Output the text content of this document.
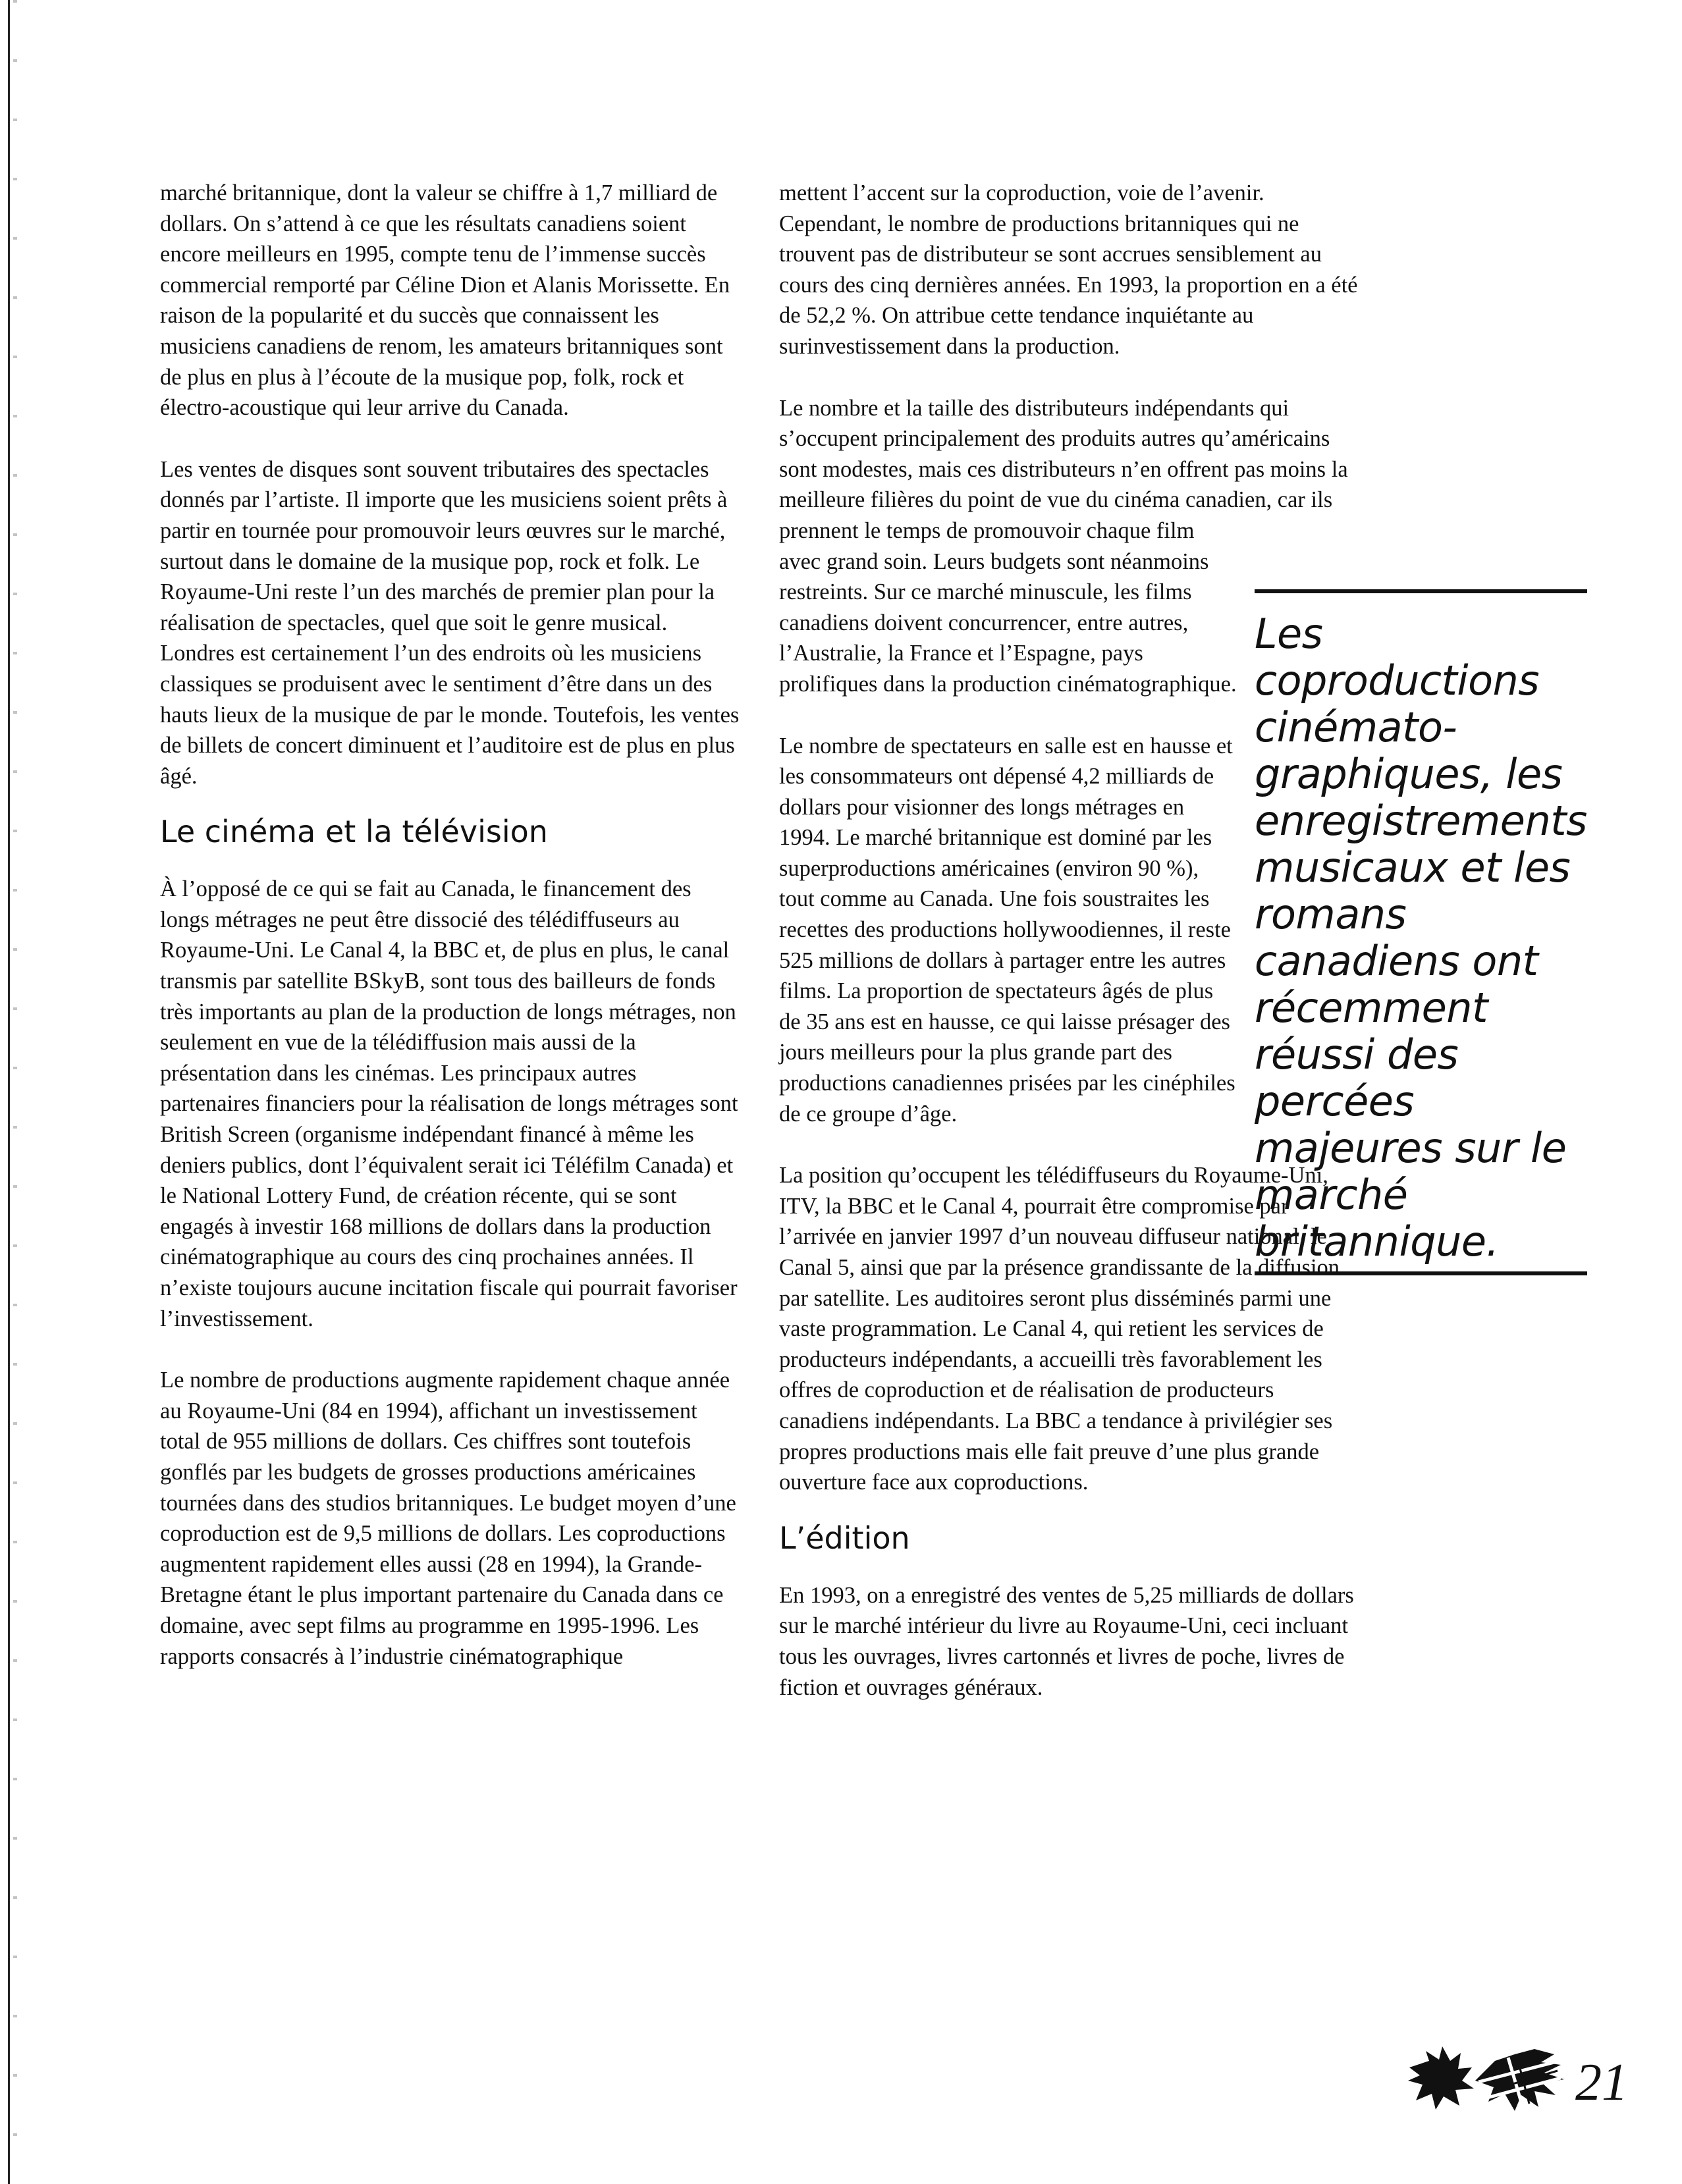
marché britannique, dont la valeur se chiffre à 1,7 milliard de dollars. On s’attend à ce que les résultats canadiens soient encore meilleurs en 1995, compte tenu de l’immense succès commercial remporté par Céline Dion et Alanis Morissette. En raison de la popularité et du succès que connaissent les musiciens canadiens de renom, les amateurs britanniques sont de plus en plus à l’écoute de la musique pop, folk, rock et électro-acoustique qui leur arrive du Canada.

Les ventes de disques sont souvent tributaires des spectacles donnés par l’artiste. Il importe que les musiciens soient prêts à partir en tournée pour promouvoir leurs œuvres sur le marché, surtout dans le domaine de la musique pop, rock et folk. Le Royaume-Uni reste l’un des marchés de premier plan pour la réalisation de spectacles, quel que soit le genre musical. Londres est certainement l’un des endroits où les musiciens classiques se produisent avec le sentiment d’être dans un des hauts lieux de la musique de par le monde. Toutefois, les ventes de billets de concert diminuent et l’auditoire est de plus en plus âgé.

Le cinéma et la télévision

À l’opposé de ce qui se fait au Canada, le financement des longs métrages ne peut être dissocié des télédiffuseurs au Royaume-Uni. Le Canal 4, la BBC et, de plus en plus, le canal transmis par satellite BSkyB, sont tous des bailleurs de fonds très importants au plan de la production de longs métrages, non seulement en vue de la télédiffusion mais aussi de la présentation dans les cinémas. Les principaux autres partenaires financiers pour la réalisation de longs métrages sont British Screen (organisme indépendant financé à même les deniers publics, dont l’équivalent serait ici Téléfilm Canada) et le National Lottery Fund, de création récente, qui se sont engagés à investir 168 millions de dollars dans la production cinématographique au cours des cinq prochaines années. Il n’existe toujours aucune incitation fiscale qui pourrait favoriser l’investissement.

Le nombre de productions augmente rapidement chaque année au Royaume-Uni (84 en 1994), affichant un investissement total de 955 millions de dollars. Ces chiffres sont toutefois gonflés par les budgets de grosses productions américaines tournées dans des studios britanniques. Le budget moyen d’une coproduction est de 9,5 millions de dollars. Les coproductions augmentent rapidement elles aussi (28 en 1994), la Grande-Bretagne étant le plus important partenaire du Canada dans ce domaine, avec sept films au programme en 1995-1996. Les rapports consacrés à l’industrie cinématographique

mettent l’accent sur la coproduction, voie de l’avenir. Cependant, le nombre de productions britanniques qui ne trouvent pas de distributeur se sont accrues sensiblement au cours des cinq dernières années. En 1993, la proportion en a été de 52,2 %. On attribue cette tendance inquiétante au surinvestissement dans la production.

Le nombre et la taille des distributeurs indépendants qui s’occupent principalement des produits autres qu’américains sont modestes, mais ces distributeurs n’en offrent pas moins la meilleure filières du point de vue du cinéma canadien, car ils
prennent le temps de promouvoir chaque film avec grand soin. Leurs budgets sont néanmoins restreints. Sur ce marché minuscule, les films canadiens doivent concurrencer, entre autres, l’Australie, la France et l’Espagne, pays prolifiques dans la production cinématographique.

Le nombre de spectateurs en salle est en hausse et les consommateurs ont dépensé 4,2 milliards de dollars pour visionner des longs métrages en 1994. Le marché britannique est dominé par les superproductions américaines (environ 90 %), tout comme au Canada. Une fois soustraites les recettes des productions hollywoodiennes, il reste 525 millions de dollars à partager entre les autres films. La proportion de spectateurs âgés de plus de 35 ans est en hausse, ce qui laisse présager des jours meilleurs pour la plus grande part des productions canadiennes prisées par les cinéphiles de ce groupe d’âge.

La position qu’occupent les télédiffuseurs du Royaume-Uni, ITV, la BBC et le Canal 4, pourrait être compromise par l’arrivée en janvier 1997 d’un nouveau diffuseur national, le Canal 5, ainsi que par la présence grandissante de la diffusion par satellite. Les auditoires seront plus disséminés parmi une vaste programmation. Le Canal 4, qui retient les services de producteurs indépendants, a accueilli très favorablement les offres de coproduction et de réalisation de producteurs canadiens indépendants. La BBC a tendance à privilégier ses propres productions mais elle fait preuve d’une plus grande ouverture face aux coproductions.

L’édition

En 1993, on a enregistré des ventes de 5,25 milliards de dollars sur le marché intérieur du livre au Royaume-Uni, ceci incluant tous les ouvrages, livres cartonnés et livres de poche, livres de fiction et ouvrages généraux.

Les coproductions cinémato-graphiques, les enregistrements musicaux et les romans canadiens ont récemment réussi des percées majeures sur le marché britannique.
21
